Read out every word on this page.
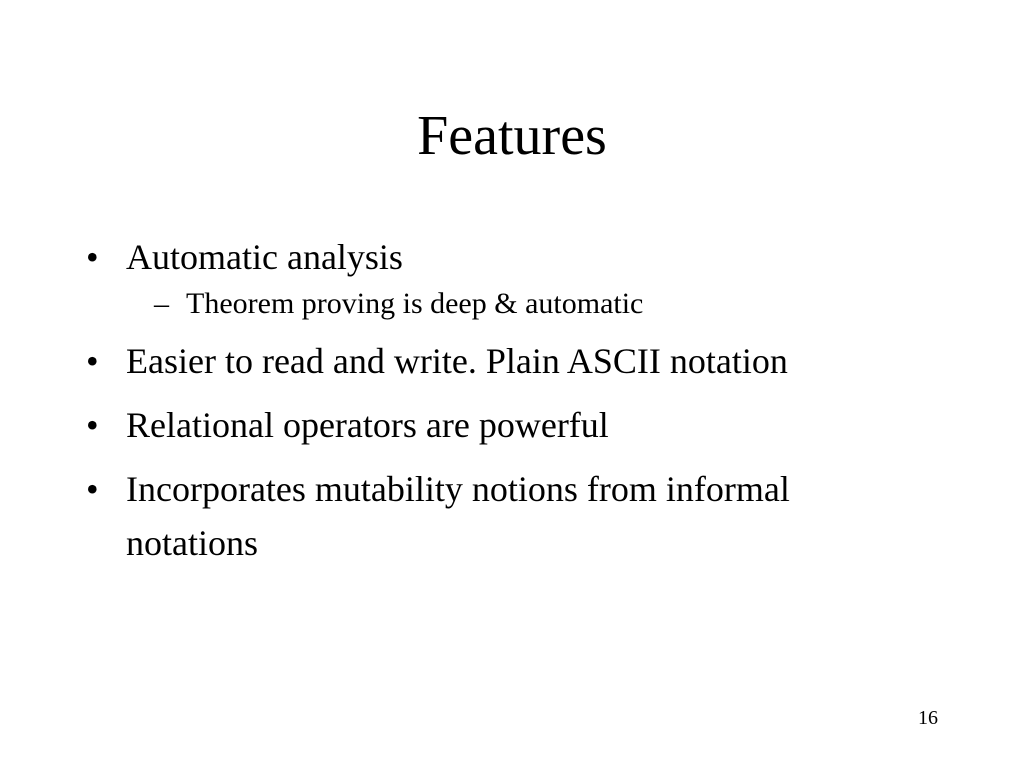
Features
• Automatic analysis
– Theorem proving is deep & automatic
• Easier to read and write. Plain ASCII notation
• Relational operators are powerful
• Incorporates mutability notions from informal notations
16
